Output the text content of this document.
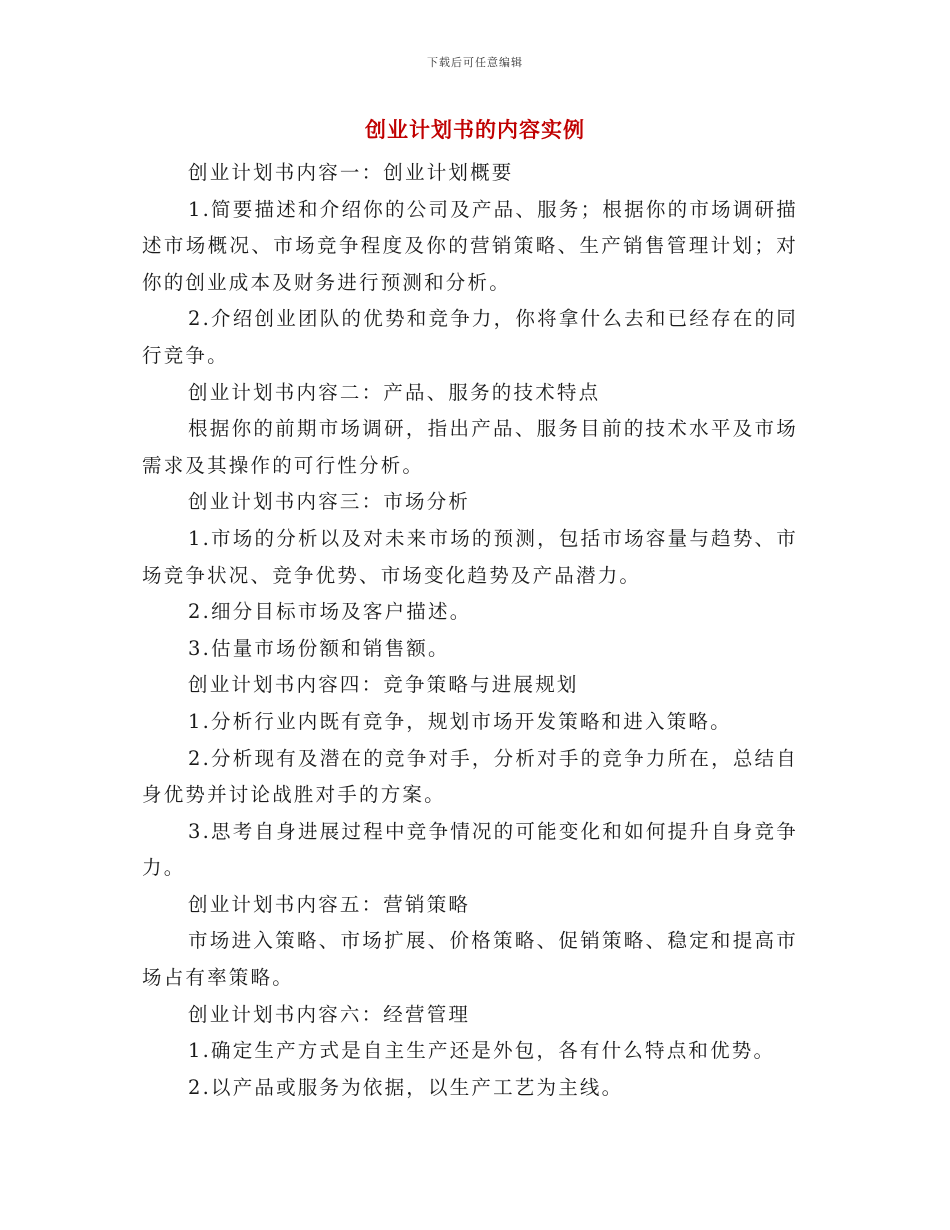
下载后可任意编辑
创业计划书的内容实例

创业计划书内容一：创业计划概要

1.简要描述和介绍你的公司及产品、服务；根据你的市场调研描述市场概况、市场竞争程度及你的营销策略、生产销售管理计划；对你的创业成本及财务进行预测和分析。

2.介绍创业团队的优势和竞争力，你将拿什么去和已经存在的同行竞争。

创业计划书内容二：产品、服务的技术特点

根据你的前期市场调研，指出产品、服务目前的技术水平及市场需求及其操作的可行性分析。

创业计划书内容三：市场分析

1.市场的分析以及对未来市场的预测，包括市场容量与趋势、市场竞争状况、竞争优势、市场变化趋势及产品潜力。

2.细分目标市场及客户描述。

3.估量市场份额和销售额。

创业计划书内容四：竞争策略与进展规划

1.分析行业内既有竞争，规划市场开发策略和进入策略。

2.分析现有及潜在的竞争对手，分析对手的竞争力所在，总结自身优势并讨论战胜对手的方案。

3.思考自身进展过程中竞争情况的可能变化和如何提升自身竞争力。

创业计划书内容五：营销策略

市场进入策略、市场扩展、价格策略、促销策略、稳定和提高市场占有率策略。

创业计划书内容六：经营管理

1.确定生产方式是自主生产还是外包，各有什么特点和优势。

2.以产品或服务为依据，以生产工艺为主线。
